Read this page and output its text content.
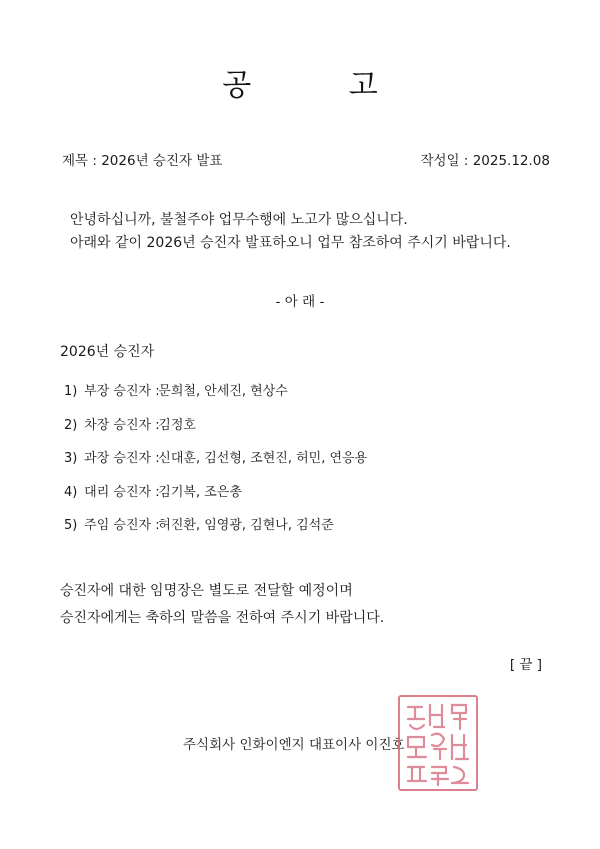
공 고
제목 : 2026년 승진자 발표	작성일 : 2025.12.08

안녕하십니까, 불철주야 업무수행에 노고가 많으십니다.

아래와 같이 2026년 승진자 발표하오니 업무 참조하여 주시기 바랍니다.

- 아 래 -
2026년 승진자
1) 부장 승진자 : 문희철, 안세진, 현상수
2) 차장 승진자 : 김정호
3) 과장 승진자 : 신대훈, 김선형, 조현진, 허민, 연응용
4) 대리 승진자 : 김기복, 조은총
5) 주임 승진자 : 허진환, 임영광, 김현나, 김석준

승진자에 대한 임명장은 별도로 전달할 예정이며

승진자에게는 축하의 말씀을 전하여 주시기 바랍니다.

[ 끝 ]
주식회사 인화이엔지 대표이사 이진호
